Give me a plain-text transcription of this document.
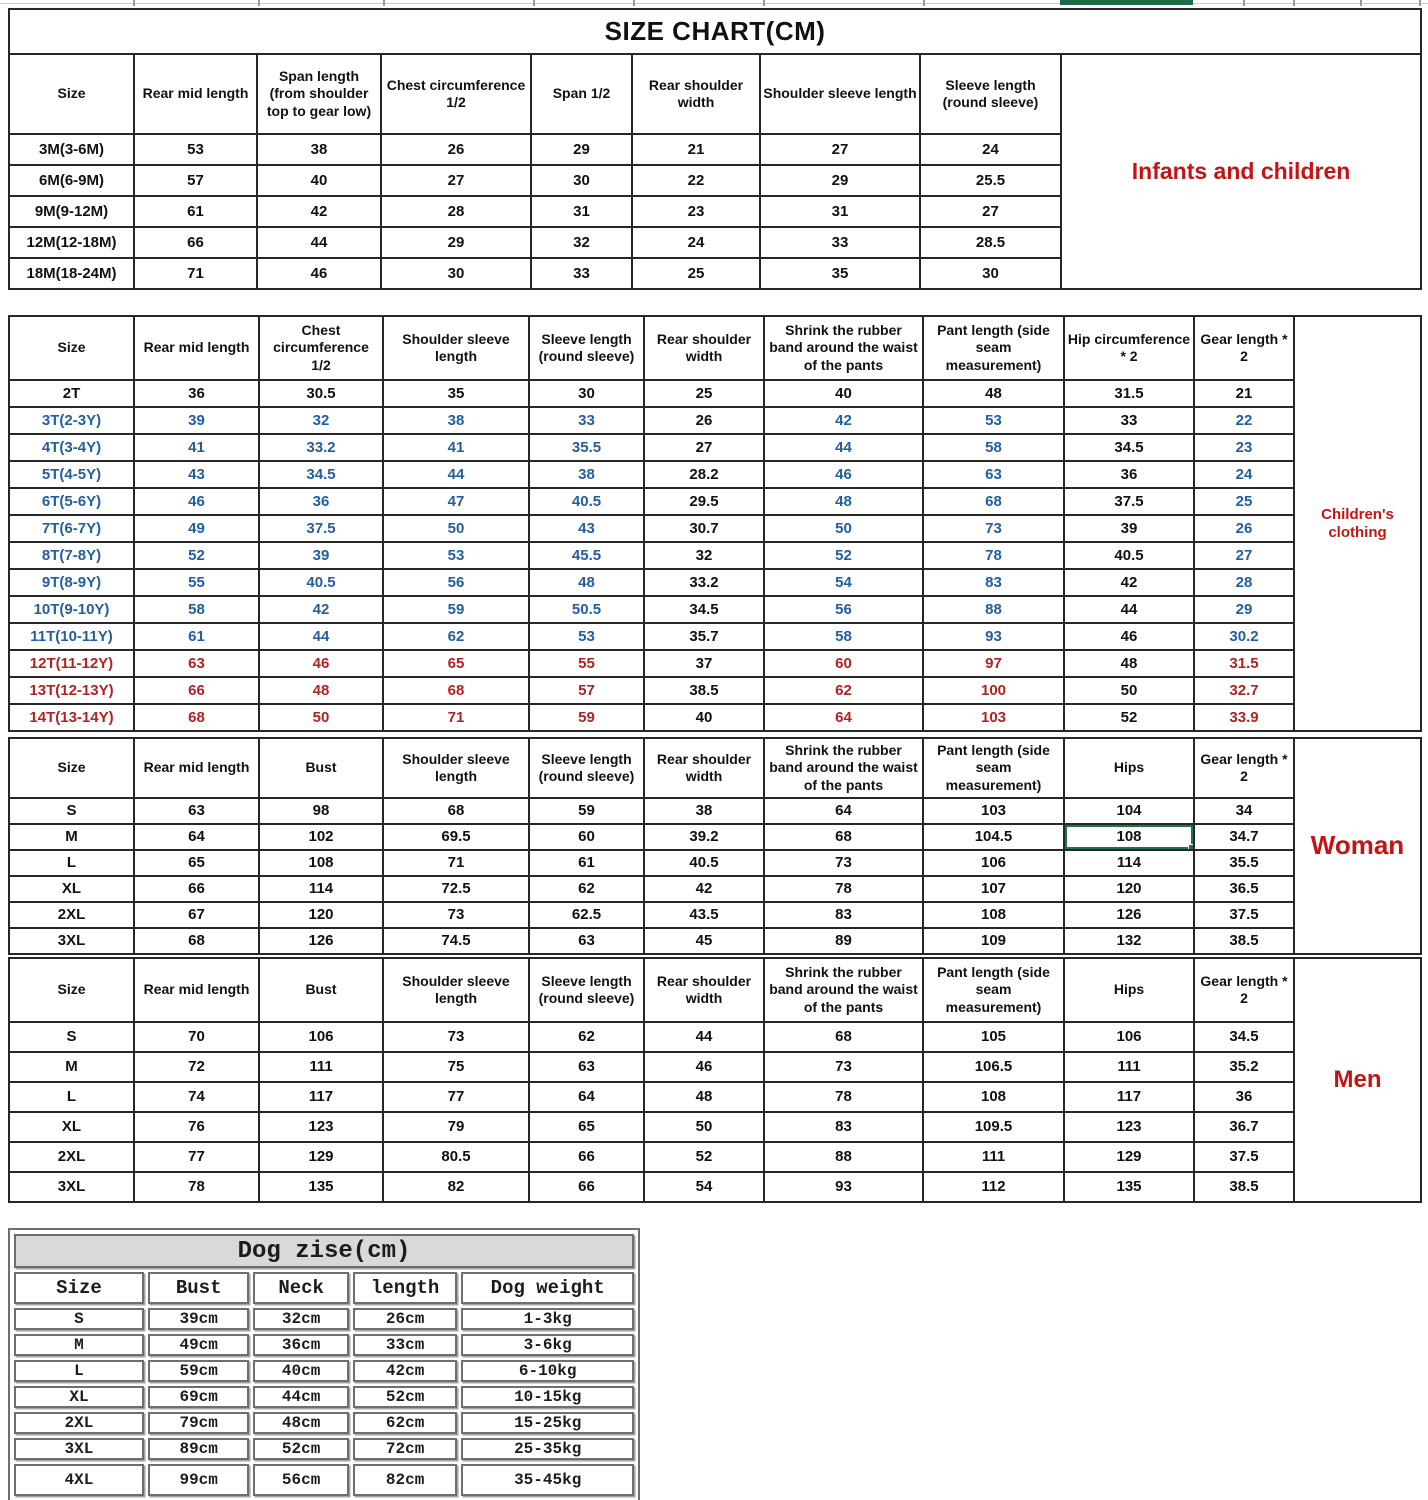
SIZE CHART(CM)								
Size	Rear mid length	Span length (from shoulder top to gear low)	Chest circumference 1/2	Span 1/2	Rear shoulder width	Shoulder sleeve length	Sleeve length (round sleeve)	Infants and children
3M(3-6M)	53	38	26	29	21	27	24	
6M(6-9M)	57	40	27	30	22	29	25.5	
9M(9-12M)	61	42	28	31	23	31	27	
12M(12-18M)	66	44	29	32	24	33	28.5	
18M(18-24M)	71	46	30	33	25	35	30	
Size	Rear mid length	Chest circumference 1/2	Shoulder sleeve length	Sleeve length (round sleeve)	Rear shoulder width	Shrink the rubber band around the waist of the pants	Pant length (side seam measurement)	Hip circumference * 2	Gear length * 2	Children's clothing
2T	36	30.5	35	30	25	40	48	31.5	21	
3T(2-3Y)	39	32	38	33	26	42	53	33	22	
4T(3-4Y)	41	33.2	41	35.5	27	44	58	34.5	23	
5T(4-5Y)	43	34.5	44	38	28.2	46	63	36	24	
6T(5-6Y)	46	36	47	40.5	29.5	48	68	37.5	25	
7T(6-7Y)	49	37.5	50	43	30.7	50	73	39	26	
8T(7-8Y)	52	39	53	45.5	32	52	78	40.5	27	
9T(8-9Y)	55	40.5	56	48	33.2	54	83	42	28	
10T(9-10Y)	58	42	59	50.5	34.5	56	88	44	29	
11T(10-11Y)	61	44	62	53	35.7	58	93	46	30.2	
12T(11-12Y)	63	46	65	55	37	60	97	48	31.5	
13T(12-13Y)	66	48	68	57	38.5	62	100	50	32.7	
14T(13-14Y)	68	50	71	59	40	64	103	52	33.9	
Size	Rear mid length	Bust	Shoulder sleeve length	Sleeve length (round sleeve)	Rear shoulder width	Shrink the rubber band around the waist of the pants	Pant length (side seam measurement)	Hips	Gear length * 2	Woman
S	63	98	68	59	38	64	103	104	34	
M	64	102	69.5	60	39.2	68	104.5	108	34.7	
L	65	108	71	61	40.5	73	106	114	35.5	
XL	66	114	72.5	62	42	78	107	120	36.5	
2XL	67	120	73	62.5	43.5	83	108	126	37.5	
3XL	68	126	74.5	63	45	89	109	132	38.5	
Size	Rear mid length	Bust	Shoulder sleeve length	Sleeve length (round sleeve)	Rear shoulder width	Shrink the rubber band around the waist of the pants	Pant length (side seam measurement)	Hips	Gear length * 2	Men
S	70	106	73	62	44	68	105	106	34.5	
M	72	111	75	63	46	73	106.5	111	35.2	
L	74	117	77	64	48	78	108	117	36	
XL	76	123	79	65	50	83	109.5	123	36.7	
2XL	77	129	80.5	66	52	88	111	129	37.5	
3XL	78	135	82	66	54	93	112	135	38.5	
Dog zise(cm)				
Size	Bust	Neck	length	Dog weight
S	39cm	32cm	26cm	1-3kg
M	49cm	36cm	33cm	3-6kg
L	59cm	40cm	42cm	6-10kg
XL	69cm	44cm	52cm	10-15kg
2XL	79cm	48cm	62cm	15-25kg
3XL	89cm	52cm	72cm	25-35kg
4XL	99cm	56cm	82cm	35-45kg
